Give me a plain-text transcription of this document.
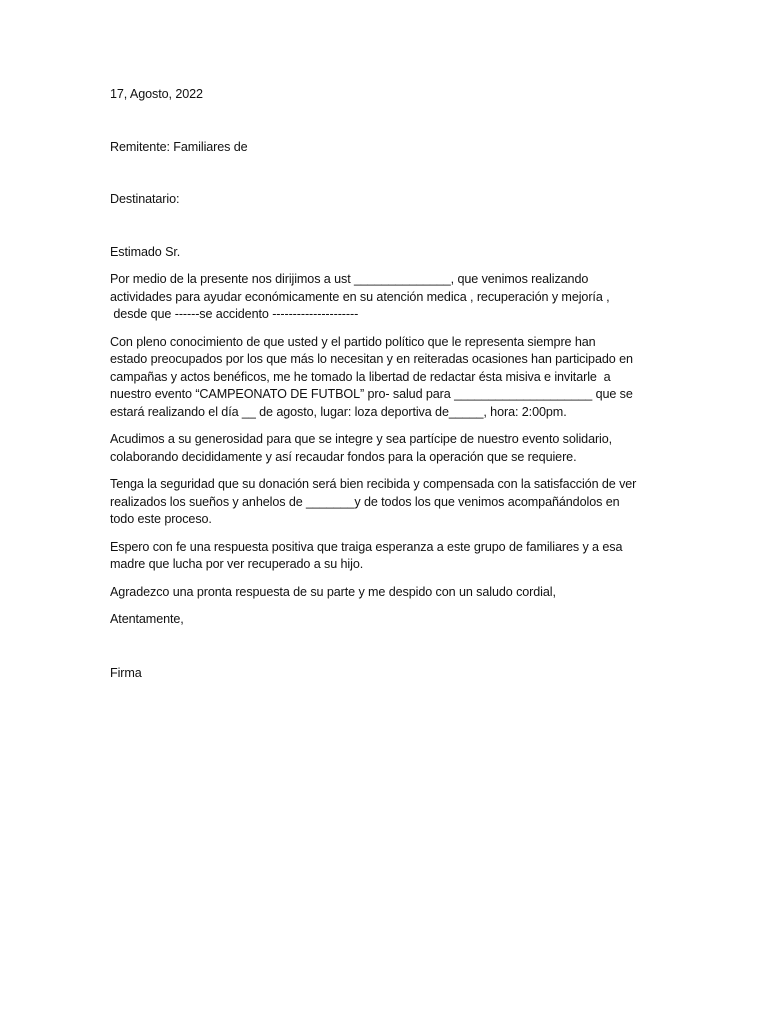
17, Agosto, 2022
Remitente: Familiares de
Destinatario:
Estimado Sr.
Por medio de la presente nos dirijimos a ust ______________, que venimos realizando
actividades para ayudar económicamente en su atención medica , recuperación y mejoría ,
desde que ------se accidento ---------------------
Con pleno conocimiento de que usted y el partido político que le representa siempre han
estado preocupados por los que más lo necesitan y en reiteradas ocasiones han participado en
campañas y actos benéficos, me he tomado la libertad de redactar ésta misiva e invitarle  a
nuestro evento “CAMPEONATO DE FUTBOL” pro- salud para ____________________ que se
estará realizando el día __ de agosto, lugar: loza deportiva de_____, hora: 2:00pm.
Acudimos a su generosidad para que se integre y sea partícipe de nuestro evento solidario,
colaborando decididamente y así recaudar fondos para la operación que se requiere.
Tenga la seguridad que su donación será bien recibida y compensada con la satisfacción de ver
realizados los sueños y anhelos de _______y de todos los que venimos acompañándolos en
todo este proceso.
Espero con fe una respuesta positiva que traiga esperanza a este grupo de familiares y a esa
madre que lucha por ver recuperado a su hijo.
Agradezco una pronta respuesta de su parte y me despido con un saludo cordial,
Atentamente,
Firma
